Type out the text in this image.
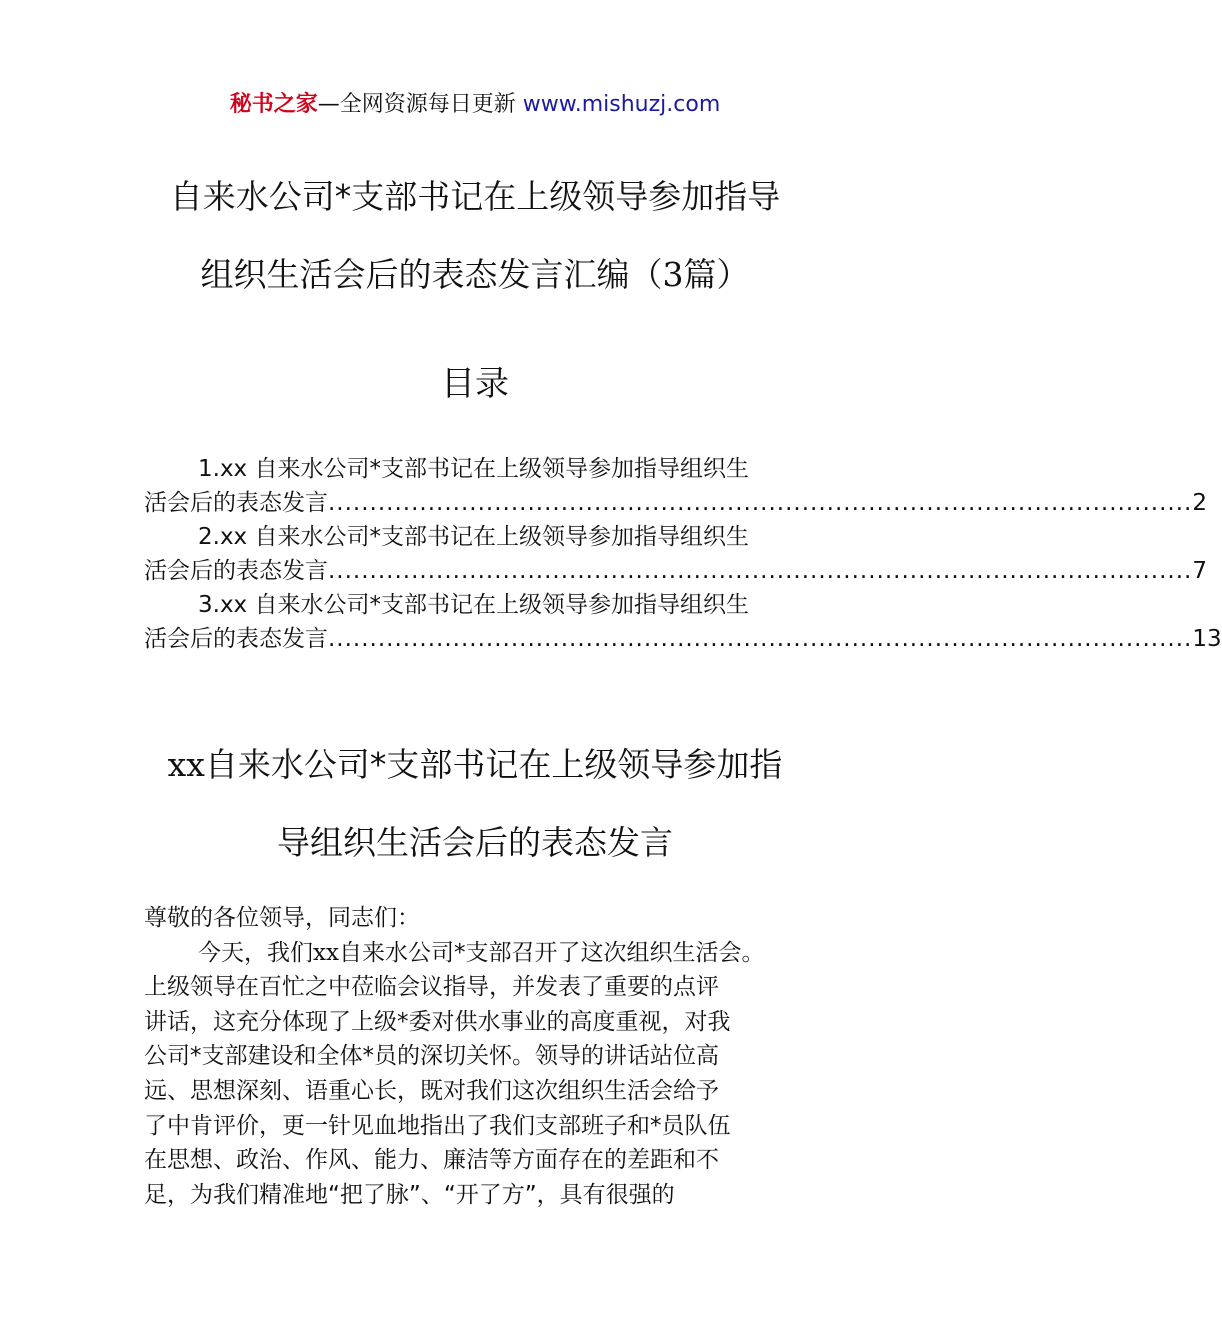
秘书之家—全网资源每日更新 www.mishuzj.com
自来水公司*支部书记在上级领导参加指导
组织生活会后的表态发言汇编（3篇）
目录
1.xx 自来水公司*支部书记在上级领导参加指导组织生
活会后的表态发言 ........................................................................................................ 2
2.xx 自来水公司*支部书记在上级领导参加指导组织生
活会后的表态发言 ........................................................................................................ 7
3.xx 自来水公司*支部书记在上级领导参加指导组织生
活会后的表态发言 ........................................................................................................ 13
xx自来水公司*支部书记在上级领导参加指
导组织生活会后的表态发言
尊敬的各位领导，同志们：
今天，我们xx自来水公司*支部召开了这次组织生活会。
上级领导在百忙之中莅临会议指导，并发表了重要的点评
讲话，这充分体现了上级*委对供水事业的高度重视，对我
公司*支部建设和全体*员的深切关怀。领导的讲话站位高
远、思想深刻、语重心长，既对我们这次组织生活会给予
了中肯评价，更一针见血地指出了我们支部班子和*员队伍
在思想、政治、作风、能力、廉洁等方面存在的差距和不
足，为我们精准地“把了脉”、“开了方”，具有很强的
